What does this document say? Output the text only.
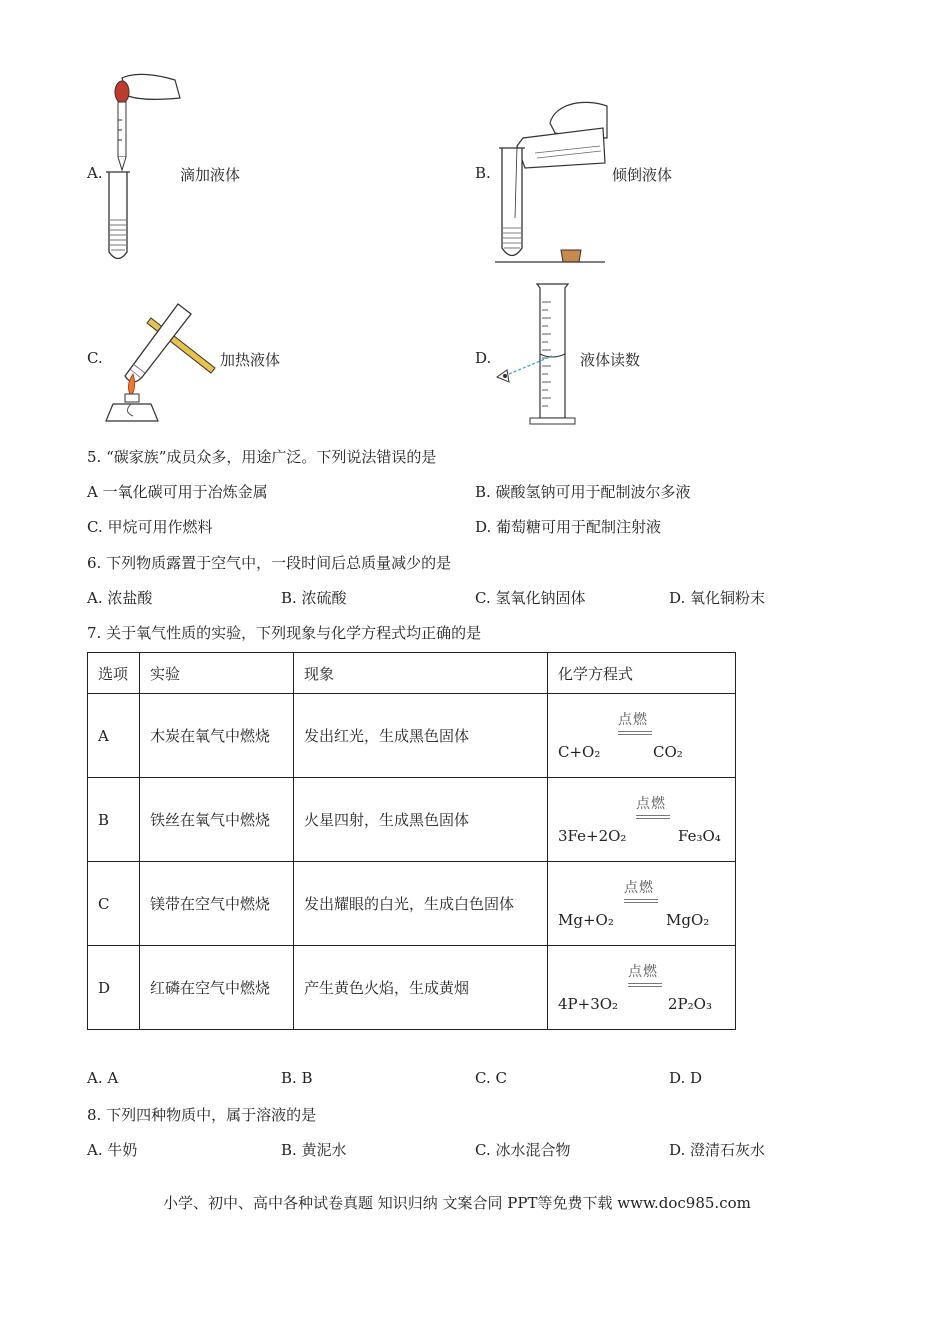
A.	滴加液体	B.	倾倒液体
C.	加热液体	D.	液体读数
5. “碳家族”成员众多，用途广泛。下列说法错误的是
A 一氧化碳可用于冶炼金属	B. 碳酸氢钠可用于配制波尔多液
C. 甲烷可用作燃料	D. 葡萄糖可用于配制注射液
6. 下列物质露置于空气中，一段时间后总质量减少的是
A. 浓盐酸	B. 浓硫酸	C. 氢氧化钠固体	D. 氧化铜粉末
7. 关于氧气性质的实验，下列现象与化学方程式均正确的是
选项	实验	现象	化学方程式
A	木炭在氧气中燃烧	发出红光，生成黑色固体	点燃
C+O₂ CO₂

B	铁丝在氧气中燃烧	火星四射，生成黑色固体	点燃
3Fe+2O₂ Fe₃O₄

C	镁带在空气中燃烧	发出耀眼的白光，生成白色固体	点燃
Mg+O₂ MgO₂

D	红磷在空气中燃烧	产生黄色火焰，生成黄烟	点燃
4P+3O₂ 2P₂O₃
A. A	B. B	C. C	D. D
8. 下列四种物质中，属于溶液的是
A. 牛奶	B. 黄泥水	C. 冰水混合物	D. 澄清石灰水
小学、初中、高中各种试卷真题 知识归纳 文案合同 PPT等免费下载 www.doc985.com
